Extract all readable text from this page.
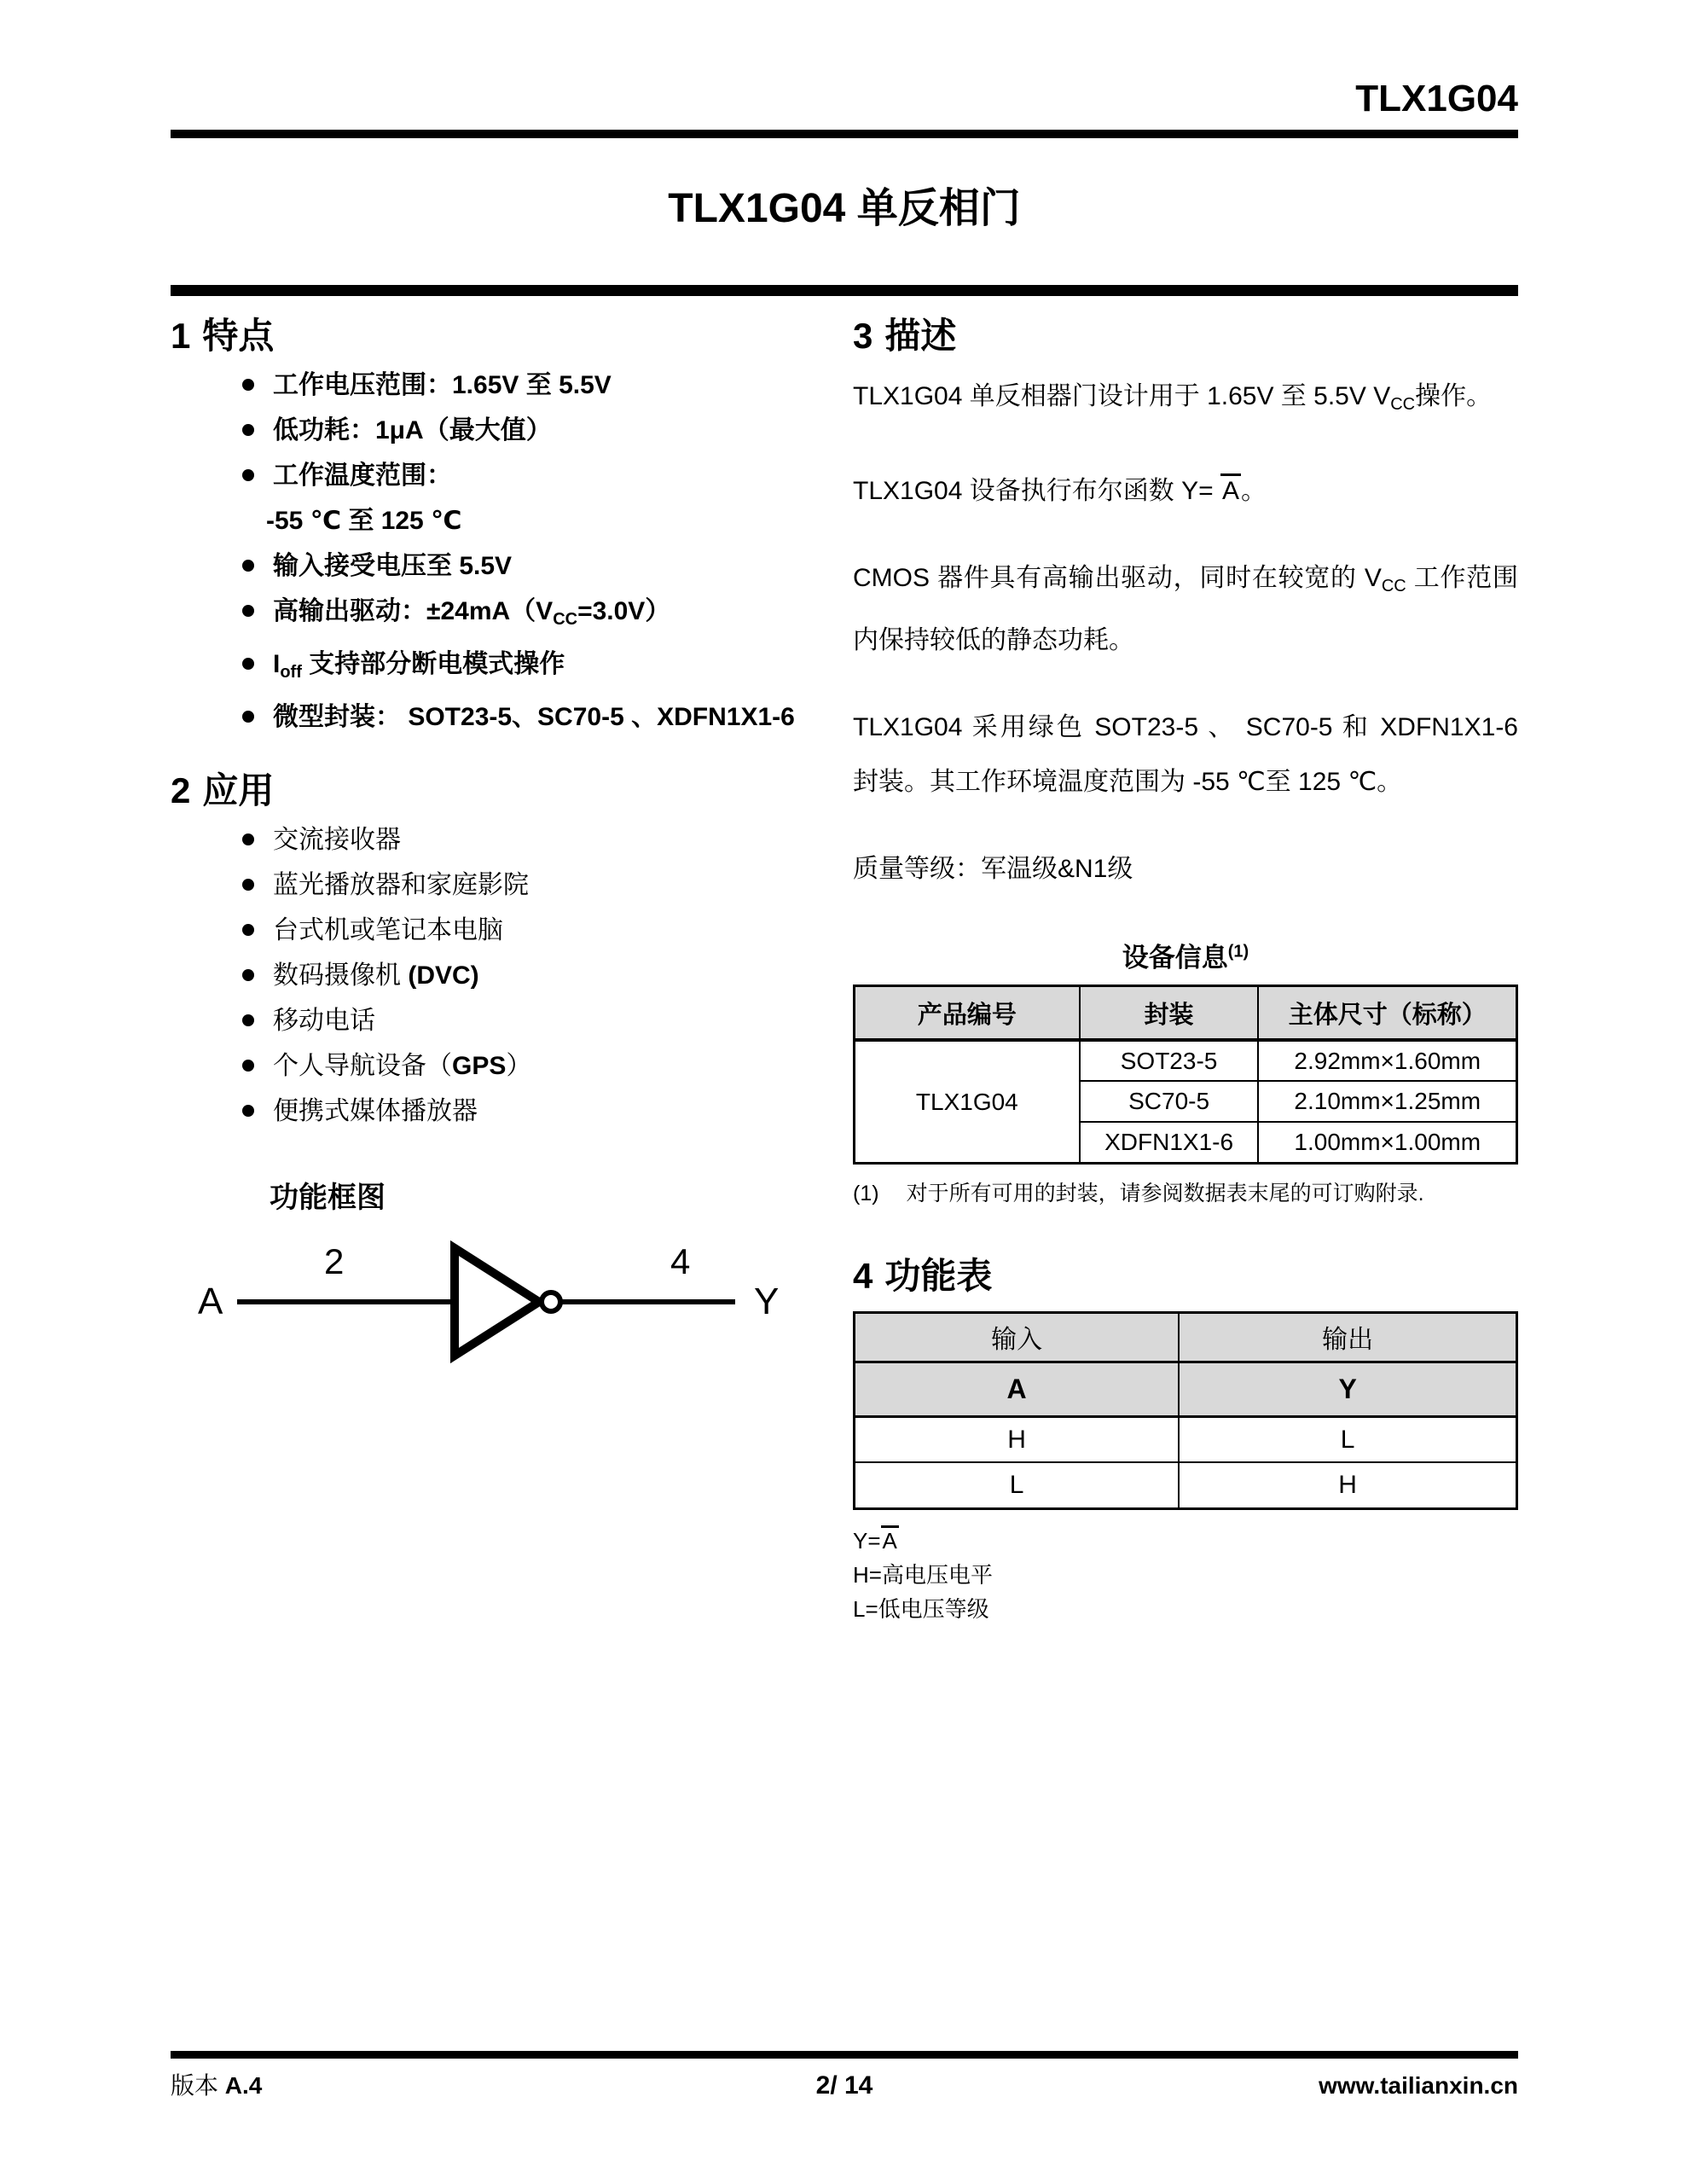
TLX1G04
TLX1G04 单反相门
1 特点
工作电压范围：1.65V 至 5.5V
低功耗：1μA（最大值）
工作温度范围：
-55 ℃ 至 125 ℃
输入接受电压至 5.5V
高输出驱动：$\pm 24mA(V_{CC}=3.0V)$
$I_{off}$ 支持部分断电模式操作
微型封装： SOT23-5、SC70-5 、XDFN1X1-6
2 应用
交流接收器
蓝光播放器和家庭影院
台式机或笔记本电脑
数码摄像机 (DVC)
移动电话
个人导航设备（GPS）
便携式媒体播放器
功能框图
A
2	4
Y
3 描述

TLX1G04 单反相器门设计用于 1.65V 至 5.5V $V_{CC}$操作。

TLX1G04 设备执行布尔函数 Y= A。

CMOS 器件具有高输出驱动，同时在较宽的 $V_{CC}$ 工作范围内保持较低的静态功耗。

TLX1G04 采用绿色 SOT23-5 、 SC70-5 和 XDFN1X1-6 封装。其工作环境温度范围为 -55 ℃至 125 ℃。

质量等级：军温级&N1级

设备信息$^{(1)}$
产品编号	封装	主体尺寸（标称）
TLX1G04	SOT23-5	2.92mm×1.60mm
	SC70-5	2.10mm×1.25mm
	XDFN1X1-6	1.00mm×1.00mm
(1) 对于所有可用的封装，请参阅数据表末尾的可订购附录.
4 功能表
输入	输出
A	Y
H	L
L	H
Y=A
H=高电压电平
L=低电压等级
版本 A.4	2/ 14	www.tailianxin.cn
